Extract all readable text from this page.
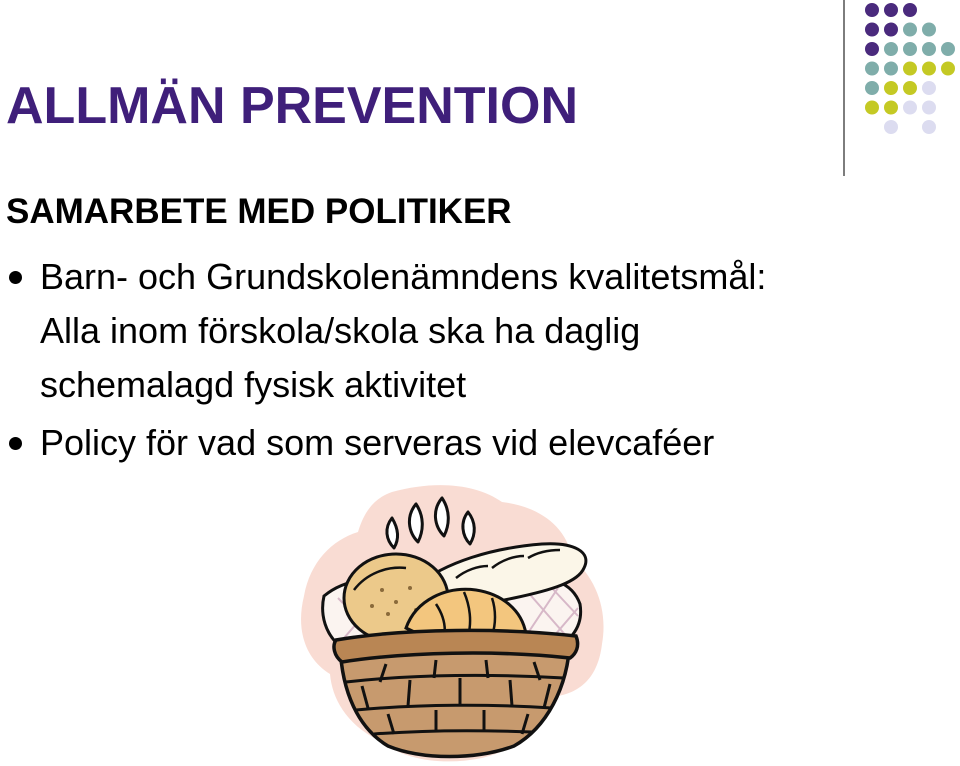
ALLMÄN PREVENTION
SAMARBETE MED POLITIKER
Barn- och Grundskolenämndens kvalitetsmål:
Alla inom förskola/skola ska ha daglig
schemalagd fysisk aktivitet
Policy för vad som serveras vid elevcaféer
